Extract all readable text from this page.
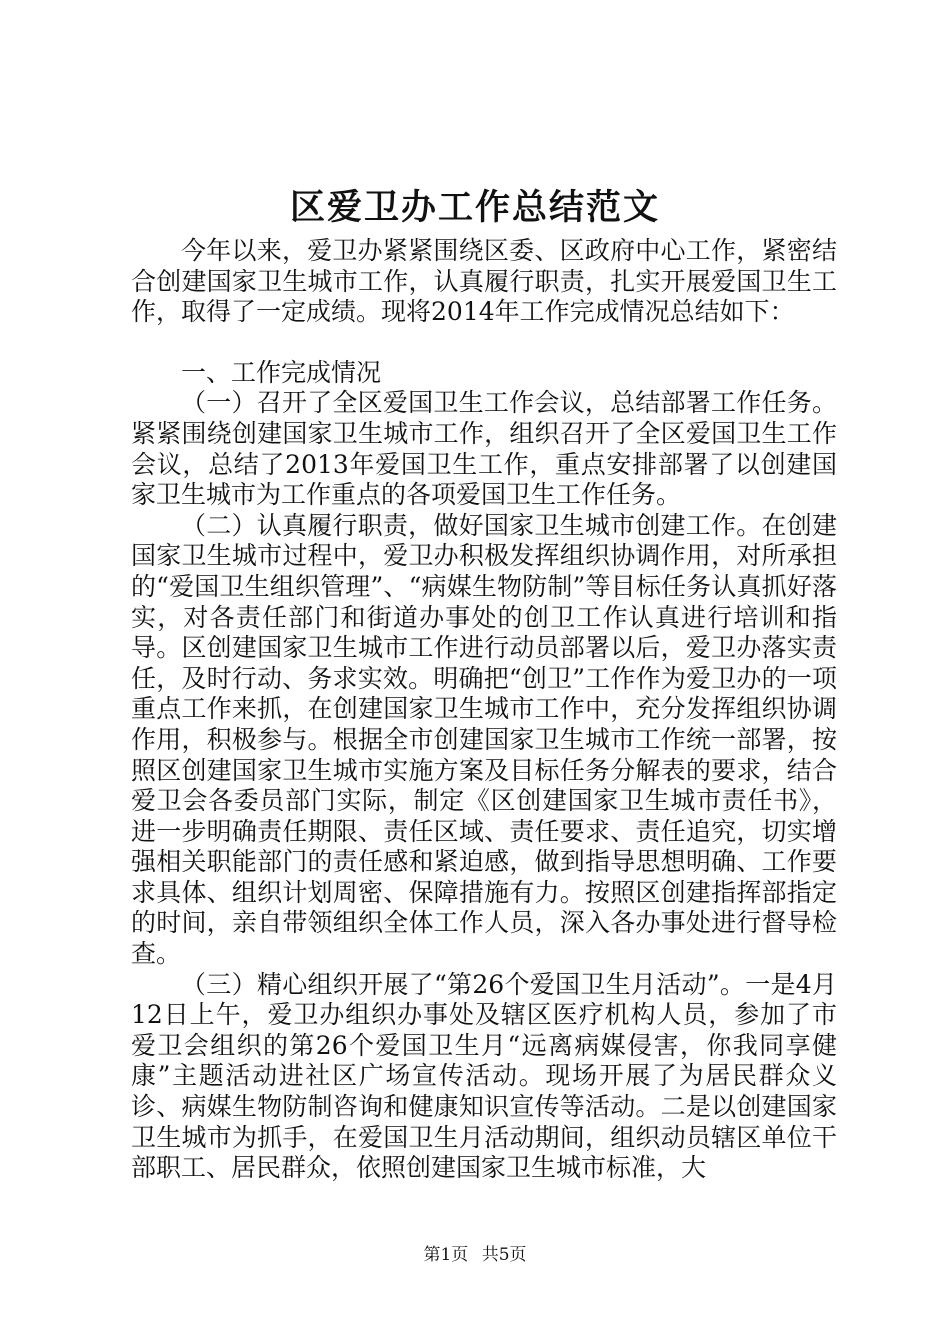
区爱卫办工作总结范文

今年以来，爱卫办紧紧围绕区委、区政府中心工作，紧密结合创建国家卫生城市工作，认真履行职责，扎实开展爱国卫生工作，取得了一定成绩。现将2014年工作完成情况总结如下：

一、工作完成情况

（一）召开了全区爱国卫生工作会议，总结部署工作任务。紧紧围绕创建国家卫生城市工作，组织召开了全区爱国卫生工作会议，总结了2013年爱国卫生工作，重点安排部署了以创建国家卫生城市为工作重点的各项爱国卫生工作任务。

（二）认真履行职责，做好国家卫生城市创建工作。在创建国家卫生城市过程中，爱卫办积极发挥组织协调作用，对所承担的“爱国卫生组织管理”、“病媒生物防制”等目标任务认真抓好落实，对各责任部门和街道办事处的创卫工作认真进行培训和指导。区创建国家卫生城市工作进行动员部署以后，爱卫办落实责任，及时行动、务求实效。明确把“创卫”工作作为爱卫办的一项重点工作来抓，在创建国家卫生城市工作中，充分发挥组织协调作用，积极参与。根据全市创建国家卫生城市工作统一部署，按照区创建国家卫生城市实施方案及目标任务分解表的要求，结合爱卫会各委员部门实际，制定《区创建国家卫生城市责任书》，进一步明确责任期限、责任区域、责任要求、责任追究，切实增强相关职能部门的责任感和紧迫感，做到指导思想明确、工作要求具体、组织计划周密、保障措施有力。按照区创建指挥部指定的时间，亲自带领组织全体工作人员，深入各办事处进行督导检查。

（三）精心组织开展了“第26个爱国卫生月活动”。一是4月12日上午，爱卫办组织办事处及辖区医疗机构人员，参加了市爱卫会组织的第26个爱国卫生月“远离病媒侵害，你我同享健康”主题活动进社区广场宣传活动。现场开展了为居民群众义诊、病媒生物防制咨询和健康知识宣传等活动。二是以创建国家卫生城市为抓手，在爱国卫生月活动期间，组织动员辖区单位干部职工、居民群众，依照创建国家卫生城市标准，大

第1页 共5页
